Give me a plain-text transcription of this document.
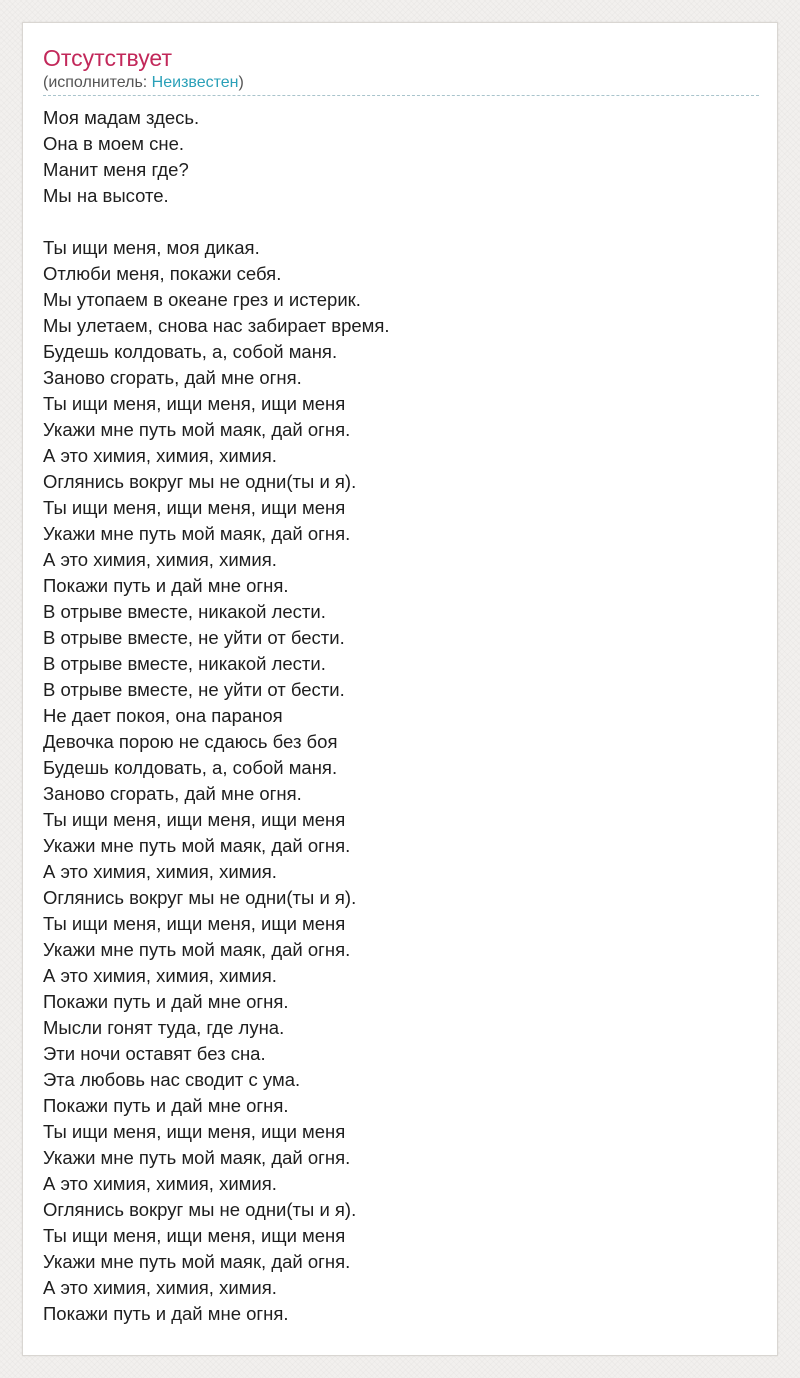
Отсутствует
(исполнитель: Неизвестен)
Моя мадам здесь.
Она в моем сне.
Манит меня где?
Мы на высоте.
Ты ищи меня, моя дикая.
Отлюби меня, покажи себя.
Мы утопаем в океане грез и истерик.
Мы улетаем, снова нас забирает время.
Будешь колдовать, а, собой маня.
Заново сгорать, дай мне огня.
Ты ищи меня, ищи меня, ищи меня
Укажи мне путь мой маяк, дай огня.
А это химия, химия, химия.
Оглянись вокруг мы не одни(ты и я).
Ты ищи меня, ищи меня, ищи меня
Укажи мне путь мой маяк, дай огня.
А это химия, химия, химия.
Покажи путь и дай мне огня.
В отрыве вместе, никакой лести.
В отрыве вместе, не уйти от бести.
В отрыве вместе, никакой лести.
В отрыве вместе, не уйти от бести.
Не дает покоя, она параноя
Девочка порою не сдаюсь без боя
Будешь колдовать, а, собой маня.
Заново сгорать, дай мне огня.
Ты ищи меня, ищи меня, ищи меня
Укажи мне путь мой маяк, дай огня.
А это химия, химия, химия.
Оглянись вокруг мы не одни(ты и я).
Ты ищи меня, ищи меня, ищи меня
Укажи мне путь мой маяк, дай огня.
А это химия, химия, химия.
Покажи путь и дай мне огня.
Мысли гонят туда, где луна.
Эти ночи оставят без сна.
Эта любовь нас сводит с ума.
Покажи путь и дай мне огня.
Ты ищи меня, ищи меня, ищи меня
Укажи мне путь мой маяк, дай огня.
А это химия, химия, химия.
Оглянись вокруг мы не одни(ты и я).
Ты ищи меня, ищи меня, ищи меня
Укажи мне путь мой маяк, дай огня.
А это химия, химия, химия.
Покажи путь и дай мне огня.
